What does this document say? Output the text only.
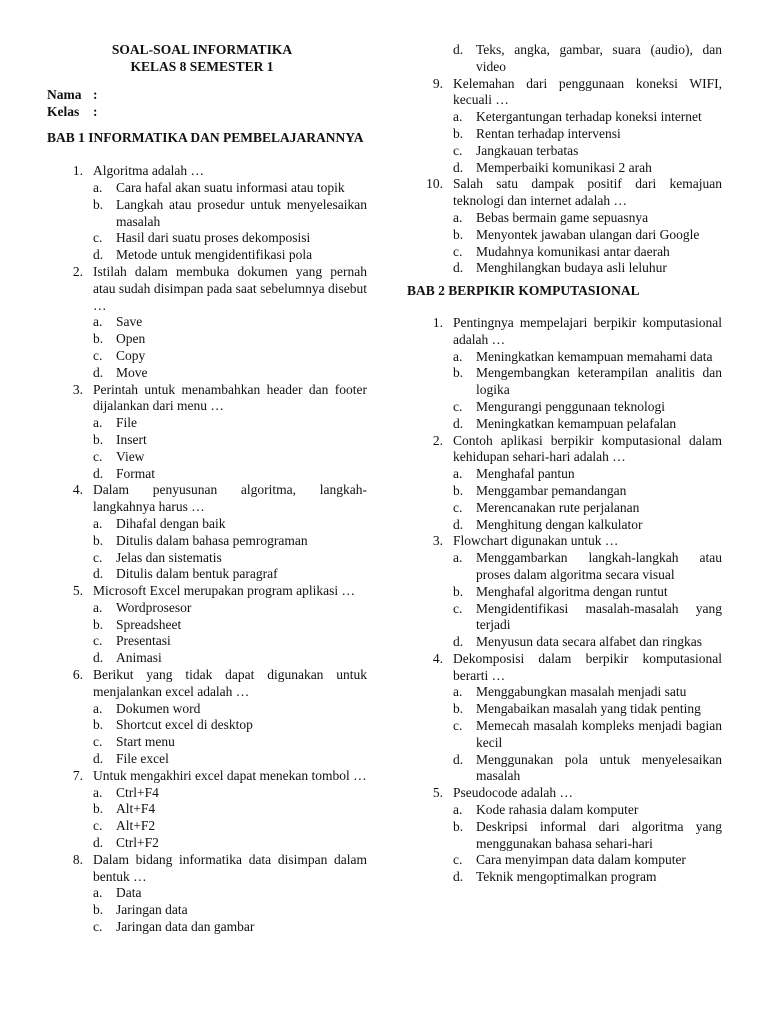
SOAL-SOAL INFORMATIKA
KELAS 8 SEMESTER 1
Nama :
Kelas	:
BAB 1 INFORMATIKA DAN PEMBELAJARANNYA
1. Algoritma adalah …
a.	Cara hafal akan suatu informasi atau topik
b. Langkah atau prosedur untuk menyelesaikan masalah
c.	Hasil dari suatu proses dekomposisi
d. Metode untuk mengidentifikasi pola
2. Istilah dalam membuka dokumen yang pernah atau sudah disimpan pada saat sebelumnya disebut …
a.	Save
b. Open
c.	Copy
d. Move
3. Perintah untuk menambahkan header dan footer dijalankan dari menu …
a.	File
b. Insert
c.	View
d. Format
4. Dalam penyusunan algoritma, langkah-langkahnya harus …
a.	Dihafal dengan baik
b. Ditulis dalam bahasa pemrograman
c.	Jelas dan sistematis
d. Ditulis dalam bentuk paragraf
5. Microsoft Excel merupakan program aplikasi …
a.	Wordprosesor
b. Spreadsheet
c.	Presentasi
d. Animasi
6. Berikut yang tidak dapat digunakan untuk menjalankan excel adalah …
a.	Dokumen word
b. Shortcut excel di desktop
c.	Start menu
d. File excel
7. Untuk mengakhiri excel dapat menekan tombol …
a.	Ctrl+F4
b. Alt+F4
c.	Alt+F2
d. Ctrl+F2
8. Dalam bidang informatika data disimpan dalam bentuk …
a.	Data
b. Jaringan data
c.	Jaringan data dan gambar
d. Teks, angka, gambar, suara (audio), dan video
9. Kelemahan dari penggunaan koneksi WIFI, kecuali …
a.	Ketergantungan terhadap koneksi internet
b. Rentan terhadap intervensi
c.	Jangkauan terbatas
d. Memperbaiki komunikasi 2 arah
10. Salah satu dampak positif dari kemajuan teknologi dan internet adalah …
a.	Bebas bermain game sepuasnya
b. Menyontek jawaban ulangan dari Google
c.	Mudahnya komunikasi antar daerah
d. Menghilangkan budaya asli leluhur
BAB 2 BERPIKIR KOMPUTASIONAL
1. Pentingnya mempelajari berpikir komputasional adalah …
a.	Meningkatkan kemampuan memahami data
b. Mengembangkan keterampilan analitis dan logika
c.	Mengurangi penggunaan teknologi
d. Meningkatkan kemampuan pelafalan
2. Contoh aplikasi berpikir komputasional dalam kehidupan sehari-hari adalah …
a.	Menghafal pantun
b. Menggambar pemandangan
c.	Merencanakan rute perjalanan
d. Menghitung dengan kalkulator
3. Flowchart digunakan untuk …
a.	Menggambarkan langkah-langkah atau proses dalam algoritma secara visual
b. Menghafal algoritma dengan runtut
c.	Mengidentifikasi masalah-masalah yang terjadi
d. Menyusun data secara alfabet dan ringkas
4. Dekomposisi dalam berpikir komputasional berarti …
a.	Menggabungkan masalah menjadi satu
b. Mengabaikan masalah yang tidak penting
c.	Memecah masalah kompleks menjadi bagian kecil
d. Menggunakan pola untuk menyelesaikan masalah
5. Pseudocode adalah …
a.	Kode rahasia dalam komputer
b. Deskripsi informal dari algoritma yang menggunakan bahasa sehari-hari
c.	Cara menyimpan data dalam komputer
d. Teknik mengoptimalkan program
